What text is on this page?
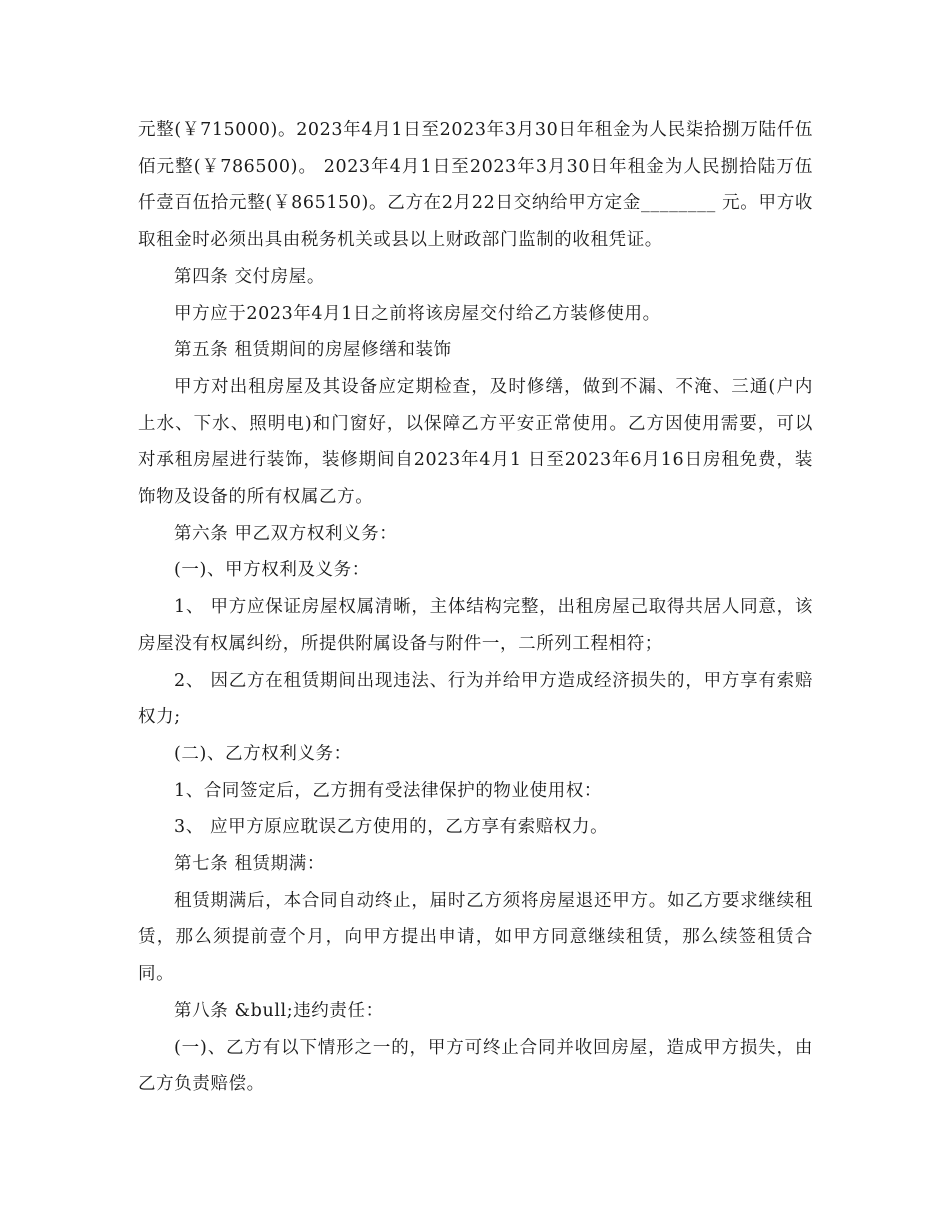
元整(￥715000)。2023年4月1日至2023年3月30日年租金为人民柒拾捌万陆仟伍佰元整(￥786500)。 2023年4月1日至2023年3月30日年租金为人民捌拾陆万伍仟壹百伍拾元整(￥865150)。乙方在2月22日交纳给甲方定金________ 元。甲方收取租金时必须出具由税务机关或县以上财政部门监制的收租凭证。

第四条 交付房屋。

甲方应于2023年4月1日之前将该房屋交付给乙方装修使用。

第五条 租赁期间的房屋修缮和装饰

甲方对出租房屋及其设备应定期检查，及时修缮，做到不漏、不淹、三通(户内上水、下水、照明电)和门窗好，以保障乙方平安正常使用。乙方因使用需要，可以对承租房屋进行装饰，装修期间自2023年4月1 日至2023年6月16日房租免费，装饰物及设备的所有权属乙方。

第六条 甲乙双方权利义务：

(一)、甲方权利及义务：

1、 甲方应保证房屋权属清晰，主体结构完整，出租房屋己取得共居人同意，该房屋没有权属纠纷，所提供附属设备与附件一，二所列工程相符；

2、 因乙方在租赁期间出现违法、行为并给甲方造成经济损失的，甲方享有索赔权力;

(二)、乙方权利义务：

1、合同签定后，乙方拥有受法律保护的物业使用权：

3、 应甲方原应耽误乙方使用的，乙方享有索赔权力。

第七条 租赁期满：

租赁期满后，本合同自动终止，届时乙方须将房屋退还甲方。如乙方要求继续租赁，那么须提前壹个月，向甲方提出申请，如甲方同意继续租赁，那么续签租赁合同。

第八条 &bull;违约责任：

(一)、乙方有以下情形之一的，甲方可终止合同并收回房屋，造成甲方损失，由乙方负责赔偿。
